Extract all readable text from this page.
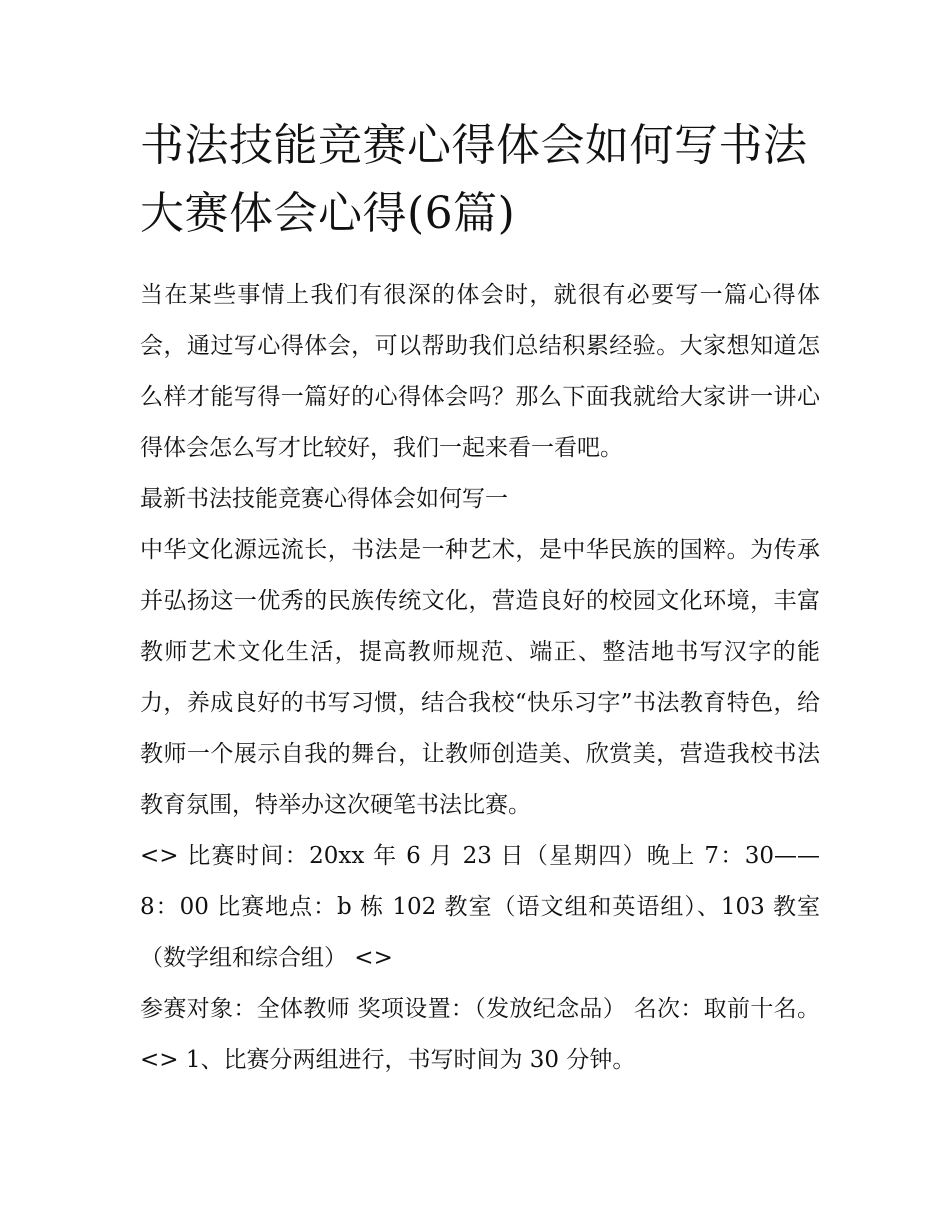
书法技能竞赛心得体会如何写书法大赛体会心得(6篇)

当在某些事情上我们有很深的体会时，就很有必要写一篇心得体会，通过写心得体会，可以帮助我们总结积累经验。大家想知道怎么样才能写得一篇好的心得体会吗？那么下面我就给大家讲一讲心得体会怎么写才比较好，我们一起来看一看吧。

最新书法技能竞赛心得体会如何写一

中华文化源远流长，书法是一种艺术，是中华民族的国粹。为传承并弘扬这一优秀的民族传统文化，营造良好的校园文化环境，丰富教师艺术文化生活，提高教师规范、端正、整洁地书写汉字的能力，养成良好的书写习惯，结合我校“快乐习字”书法教育特色，给教师一个展示自我的舞台，让教师创造美、欣赏美，营造我校书法教育氛围，特举办这次硬笔书法比赛。

<> 比赛时间：20xx 年 6 月 23 日（星期四）晚上 7：30——8：00 比赛地点：b 栋 102 教室（语文组和英语组）、103 教室（数学组和综合组） <>

参赛对象：全体教师 奖项设置：（发放纪念品） 名次：取前十名。 <> 1、比赛分两组进行，书写时间为 30 分钟。
